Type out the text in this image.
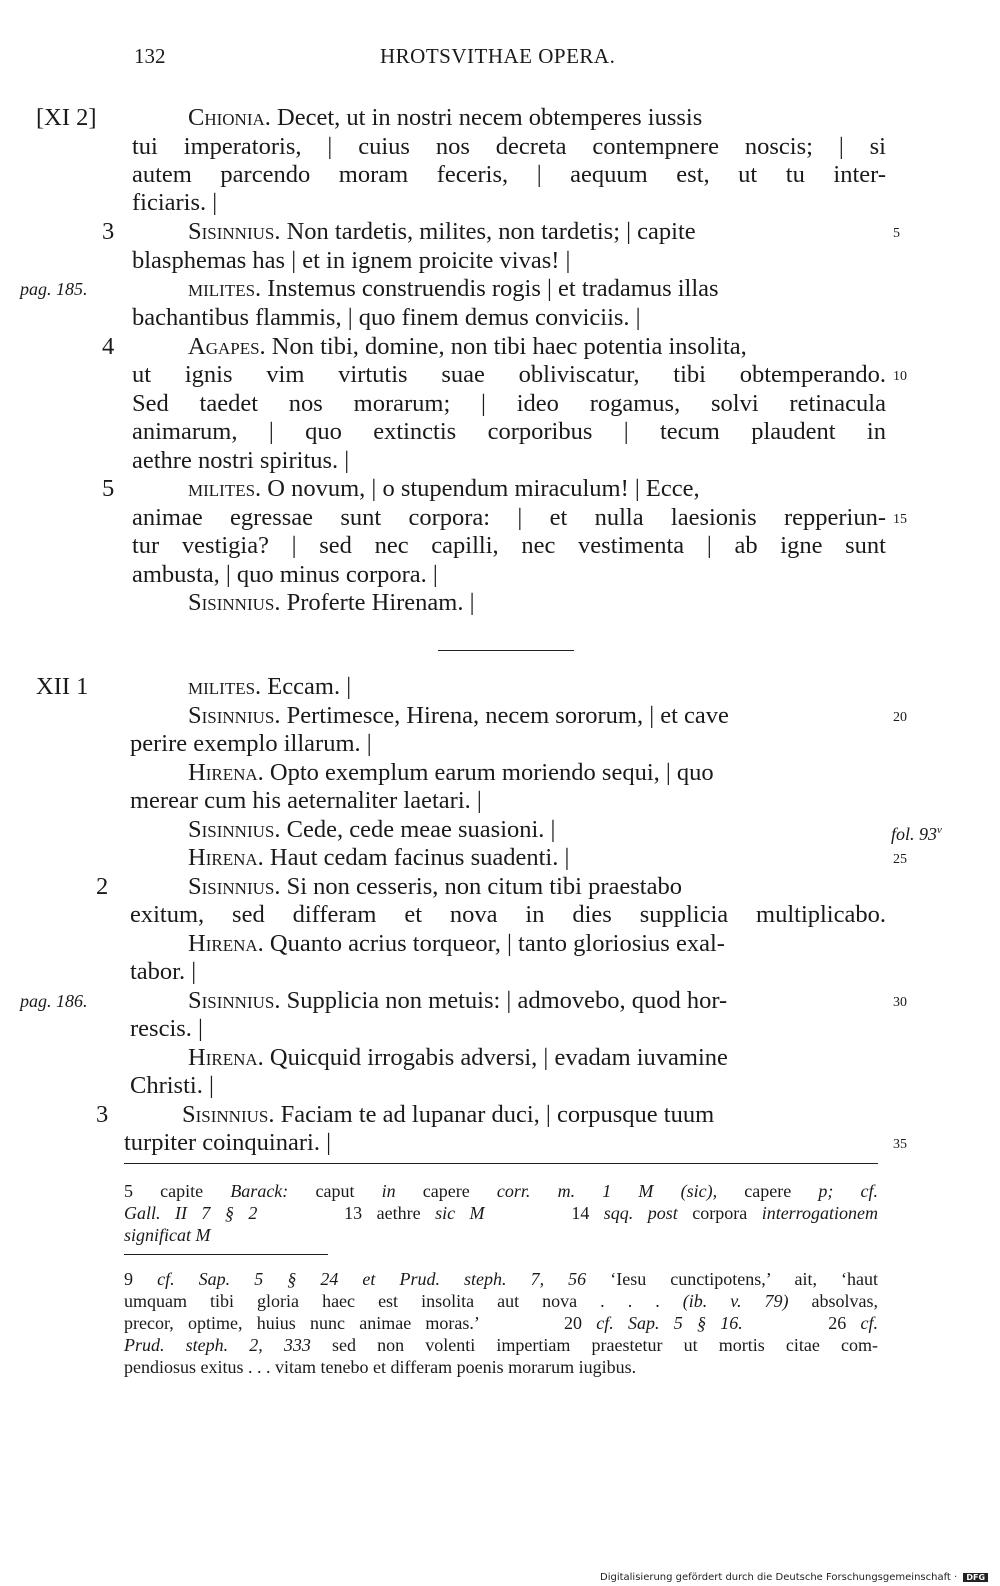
132	HROTSVITHAE OPERA.
[XI 2]	Chionia. Decet, ut in nostri necem obtemperes iussis
tui imperatoris, | cuius nos decreta contempnere noscis; | si
autem parcendo moram feceris, | aequum est, ut tu inter-
ficiaris. |
3	Sisinnius. Non tardetis, milites, non tardetis; | capite	5
blasphemas has | et in ignem proicite vivas! |
pag. 185.	milites. Instemus construendis rogis | et tradamus illas
bachantibus flammis, | quo finem demus conviciis. |
4	Agapes. Non tibi, domine, non tibi haec potentia insolita,
ut ignis vim virtutis suae obliviscatur, tibi obtemperando. 10
Sed taedet nos morarum; | ideo rogamus, solvi retinacula
animarum, | quo extinctis corporibus | tecum plaudent in
aethre nostri spiritus. |
5	milites. O novum, | o stupendum miraculum! | Ecce,
animae egressae sunt corpora: | et nulla laesionis repperiun- 15
tur vestigia? | sed nec capilli, nec vestimenta | ab igne sunt
ambusta, | quo minus corpora. |
Sisinnius. Proferte Hirenam. |
XII 1	milites. Eccam. |
Sisinnius. Pertimesce, Hirena, necem sororum, | et cave	20
perire exemplo illarum. |
Hirena. Opto exemplum earum moriendo sequi, | quo
merear cum his aeternaliter laetari. |
Sisinnius. Cede, cede meae suasioni. |	fol. 93$^v$
Hirena. Haut cedam facinus suadenti. |	25
2	Sisinnius. Si non cesseris, non citum tibi praestabo
exitum, sed differam et nova in dies supplicia multiplicabo.
Hirena. Quanto acrius torqueor, | tanto gloriosius exal-
tabor. |
pag. 186.	Sisinnius. Supplicia non metuis: | admovebo, quod hor-	30
rescis. |
Hirena. Quicquid irrogabis adversi, | evadam iuvamine
Christi. |
3	Sisinnius. Faciam te ad lupanar duci, | corpusque tuum
turpiter coinquinari. |	35

5 capite Barack: caput in capere corr. m. 1 M (sic), capere p; cf.

Gall. II 7 § 2      13 aethre sic M      14 sqq. post corpora interrogationem

significat M

9 cf. Sap. 5 § 24 et Prud. steph. 7, 56 ‘Iesu cunctipotens,’ ait, ‘haut

umquam tibi gloria haec est insolita aut nova . . . (ib. v. 79) absolvas,

precor, optime, huius nunc animae moras.’      20 cf. Sap. 5 § 16.      26 cf.

Prud. steph. 2, 333 sed non volenti impertiam praestetur ut mortis citae com-

pendiosus exitus . . . vitam tenebo et differam poenis morarum iugibus.

Digitalisierung gefördert durch die Deutsche Forschungsgemeinschaft · DFG
